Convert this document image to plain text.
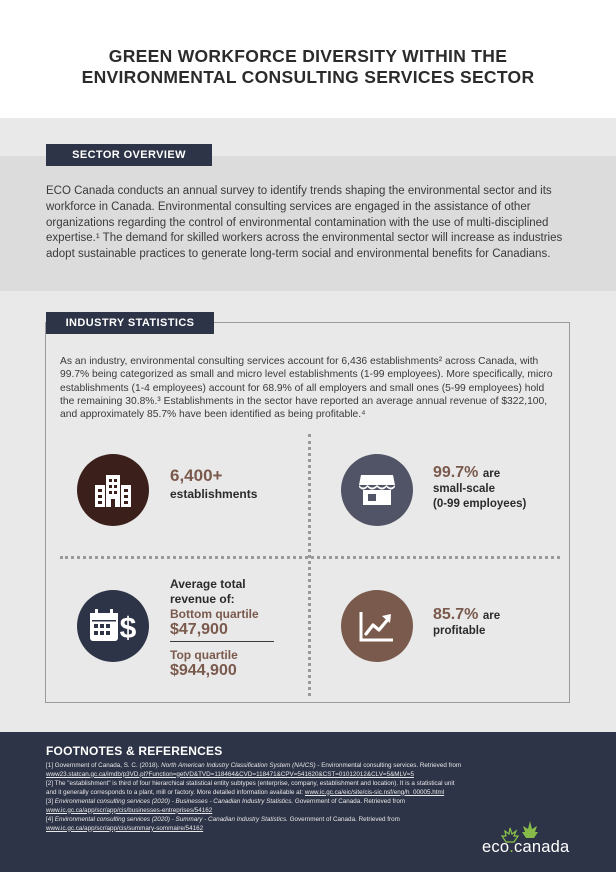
GREEN WORKFORCE DIVERSITY WITHIN THE
ENVIRONMENTAL CONSULTING SERVICES SECTOR
SECTOR OVERVIEW
ECO Canada conducts an annual survey to identify trends shaping the environmental sector and its workforce in Canada. Environmental consulting services are engaged in the assistance of other organizations regarding the control of environmental contamination with the use of multi-disciplined expertise.¹ The demand for skilled workers across the environmental sector will increase as industries adopt sustainable practices to generate long-term social and environmental benefits for Canadians.
INDUSTRY STATISTICS
As an industry, environmental consulting services account for 6,436 establishments² across Canada, with 99.7% being categorized as small and micro level establishments (1-99 employees). More specifically, micro establishments (1-4 employees) account for 68.9% of all employers and small ones (5-99 employees) hold the remaining 30.8%.³ Establishments in the sector have reported an average annual revenue of $322,100, and approximately 85.7% have been identified as being profitable.⁴
6,400+
establishments
99.7% are
small-scale
(0-99 employees)
$
Average total
revenue of:
Bottom quartile
$47,900
Top quartile
$944,900
85.7% are
profitable
FOOTNOTES & REFERENCES
[1] Government of Canada, S. C. (2018). North American Industry Classification System (NAICS) - Environmental consulting services. Retrieved from www23.statcan.gc.ca/imdb/p3VD.pl?Function=getVD&TVD=118464&CVD=118471&CPV=541620&CST=01012012&CLV=5&MLV=5
[2] The "establishment" is third of four hierarchical statistical entity subtypes (enterprise, company, establishment and location). It is a statistical unit and it generally corresponds to a plant, mill or factory. More detailed information available at: www.ic.gc.ca/eic/site/cis-sic.nsf/eng/h_00005.html
[3] Environmental consulting services (2020) - Businesses - Canadian Industry Statistics. Government of Canada. Retrieved from www.ic.gc.ca/app/scr/app/cis/businesses-entreprises/54162
[4] Environmental consulting services (2020) - Summary - Canadian Industry Statistics. Government of Canada. Retrieved from www.ic.gc.ca/app/scr/app/cis/summary-sommaire/54162
eco.canada
